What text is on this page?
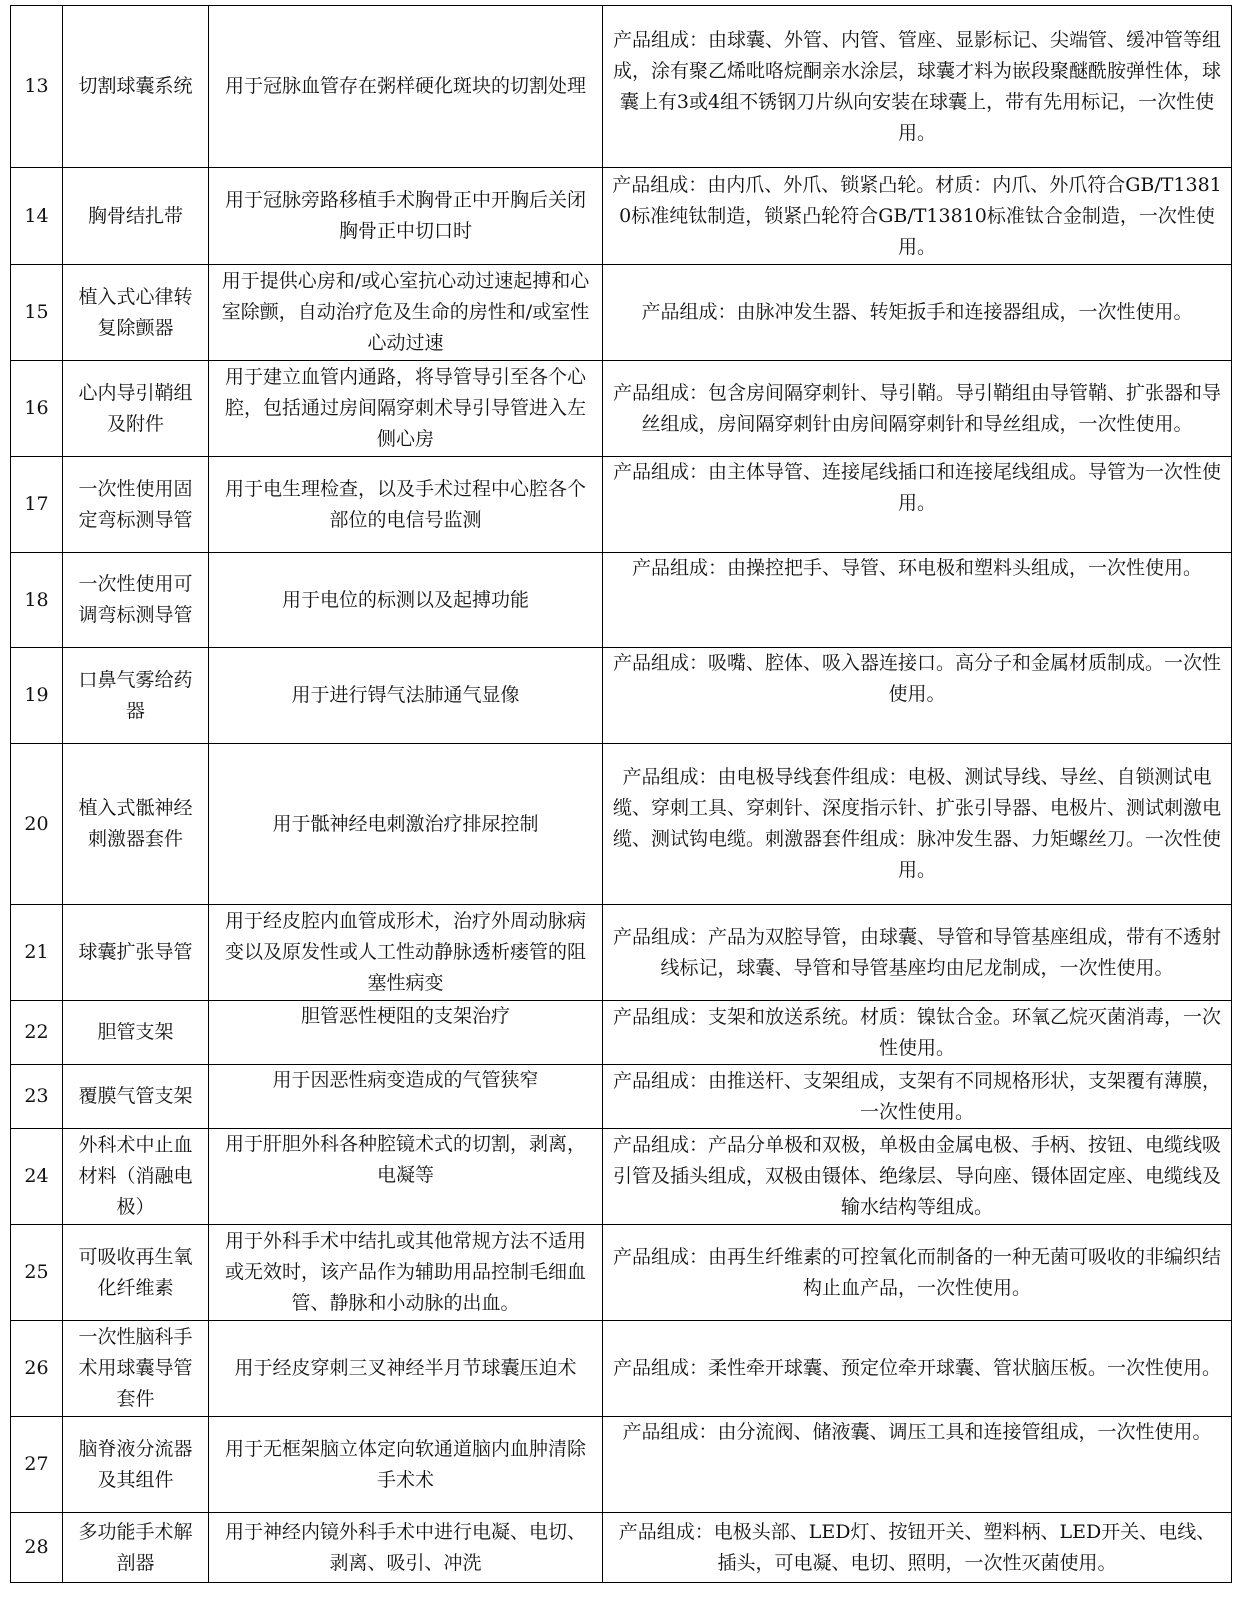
13	切割球囊系统	用于冠脉血管存在粥样硬化斑块的切割处理	产品组成：由球囊、外管、内管、管座、显影标记、尖端管、缓冲管等组成，涂有聚乙烯吡咯烷酮亲水涂层，球囊才料为嵌段聚醚酰胺弹性体，球囊上有3或4组不锈钢刀片纵向安装在球囊上，带有先用标记，一次性使用。
14	胸骨结扎带	用于冠脉旁路移植手术胸骨正中开胸后关闭胸骨正中切口时	产品组成：由内爪、外爪、锁紧凸轮。材质：内爪、外爪符合GB/T13810标准纯钛制造，锁紧凸轮符合GB/T13810标准钛合金制造，一次性使用。
15	植入式心律转复除颤器	用于提供心房和/或心室抗心动过速起搏和心室除颤，自动治疗危及生命的房性和/或室性心动过速	产品组成：由脉冲发生器、转矩扳手和连接器组成，一次性使用。
16	心内导引鞘组及附件	用于建立血管内通路，将导管导引至各个心腔，包括通过房间隔穿刺术导引导管进入左侧心房	产品组成：包含房间隔穿刺针、导引鞘。导引鞘组由导管鞘、扩张器和导丝组成，房间隔穿刺针由房间隔穿刺针和导丝组成，一次性使用。
17	一次性使用固定弯标测导管	用于电生理检查，以及手术过程中心腔各个部位的电信号监测	产品组成：由主体导管、连接尾线插口和连接尾线组成。导管为一次性使用。
18	一次性使用可调弯标测导管	用于电位的标测以及起搏功能	产品组成：由操控把手、导管、环电极和塑料头组成，一次性使用。
19	口鼻气雾给药器	用于进行锝气法肺通气显像	产品组成：吸嘴、腔体、吸入器连接口。高分子和金属材质制成。一次性使用。
20	植入式骶神经刺激器套件	用于骶神经电刺激治疗排尿控制	产品组成：由电极导线套件组成：电极、测试导线、导丝、自锁测试电缆、穿刺工具、穿刺针、深度指示针、扩张引导器、电极片、测试刺激电缆、测试钩电缆。刺激器套件组成：脉冲发生器、力矩螺丝刀。一次性使用。
21	球囊扩张导管	用于经皮腔内血管成形术，治疗外周动脉病变以及原发性或人工性动静脉透析瘘管的阻塞性病变	产品组成：产品为双腔导管，由球囊、导管和导管基座组成，带有不透射线标记，球囊、导管和导管基座均由尼龙制成，一次性使用。
22	胆管支架	胆管恶性梗阻的支架治疗	产品组成：支架和放送系统。材质：镍钛合金。环氧乙烷灭菌消毒，一次性使用。
23	覆膜气管支架	用于因恶性病变造成的气管狭窄	产品组成：由推送杆、支架组成，支架有不同规格形状，支架覆有薄膜，一次性使用。
24	外科术中止血材料（消融电极）	用于肝胆外科各种腔镜术式的切割，剥离，电凝等	产品组成：产品分单极和双极，单极由金属电极、手柄、按钮、电缆线吸引管及插头组成，双极由镊体、绝缘层、导向座、镊体固定座、电缆线及输水结构等组成。
25	可吸收再生氧化纤维素	用于外科手术中结扎或其他常规方法不适用或无效时，该产品作为辅助用品控制毛细血管、静脉和小动脉的出血。	产品组成：由再生纤维素的可控氧化而制备的一种无菌可吸收的非编织结构止血产品，一次性使用。
26	一次性脑科手术用球囊导管套件	用于经皮穿刺三叉神经半月节球囊压迫术	产品组成：柔性牵开球囊、预定位牵开球囊、管状脑压板。一次性使用。
27	脑脊液分流器及其组件	用于无框架脑立体定向软通道脑内血肿清除手术术	产品组成：由分流阀、储液囊、调压工具和连接管组成，一次性使用。
28	多功能手术解剖器	用于神经内镜外科手术中进行电凝、电切、剥离、吸引、冲洗	产品组成：电极头部、LED灯、按钮开关、塑料柄、LED开关、电线、插头，可电凝、电切、照明，一次性灭菌使用。
